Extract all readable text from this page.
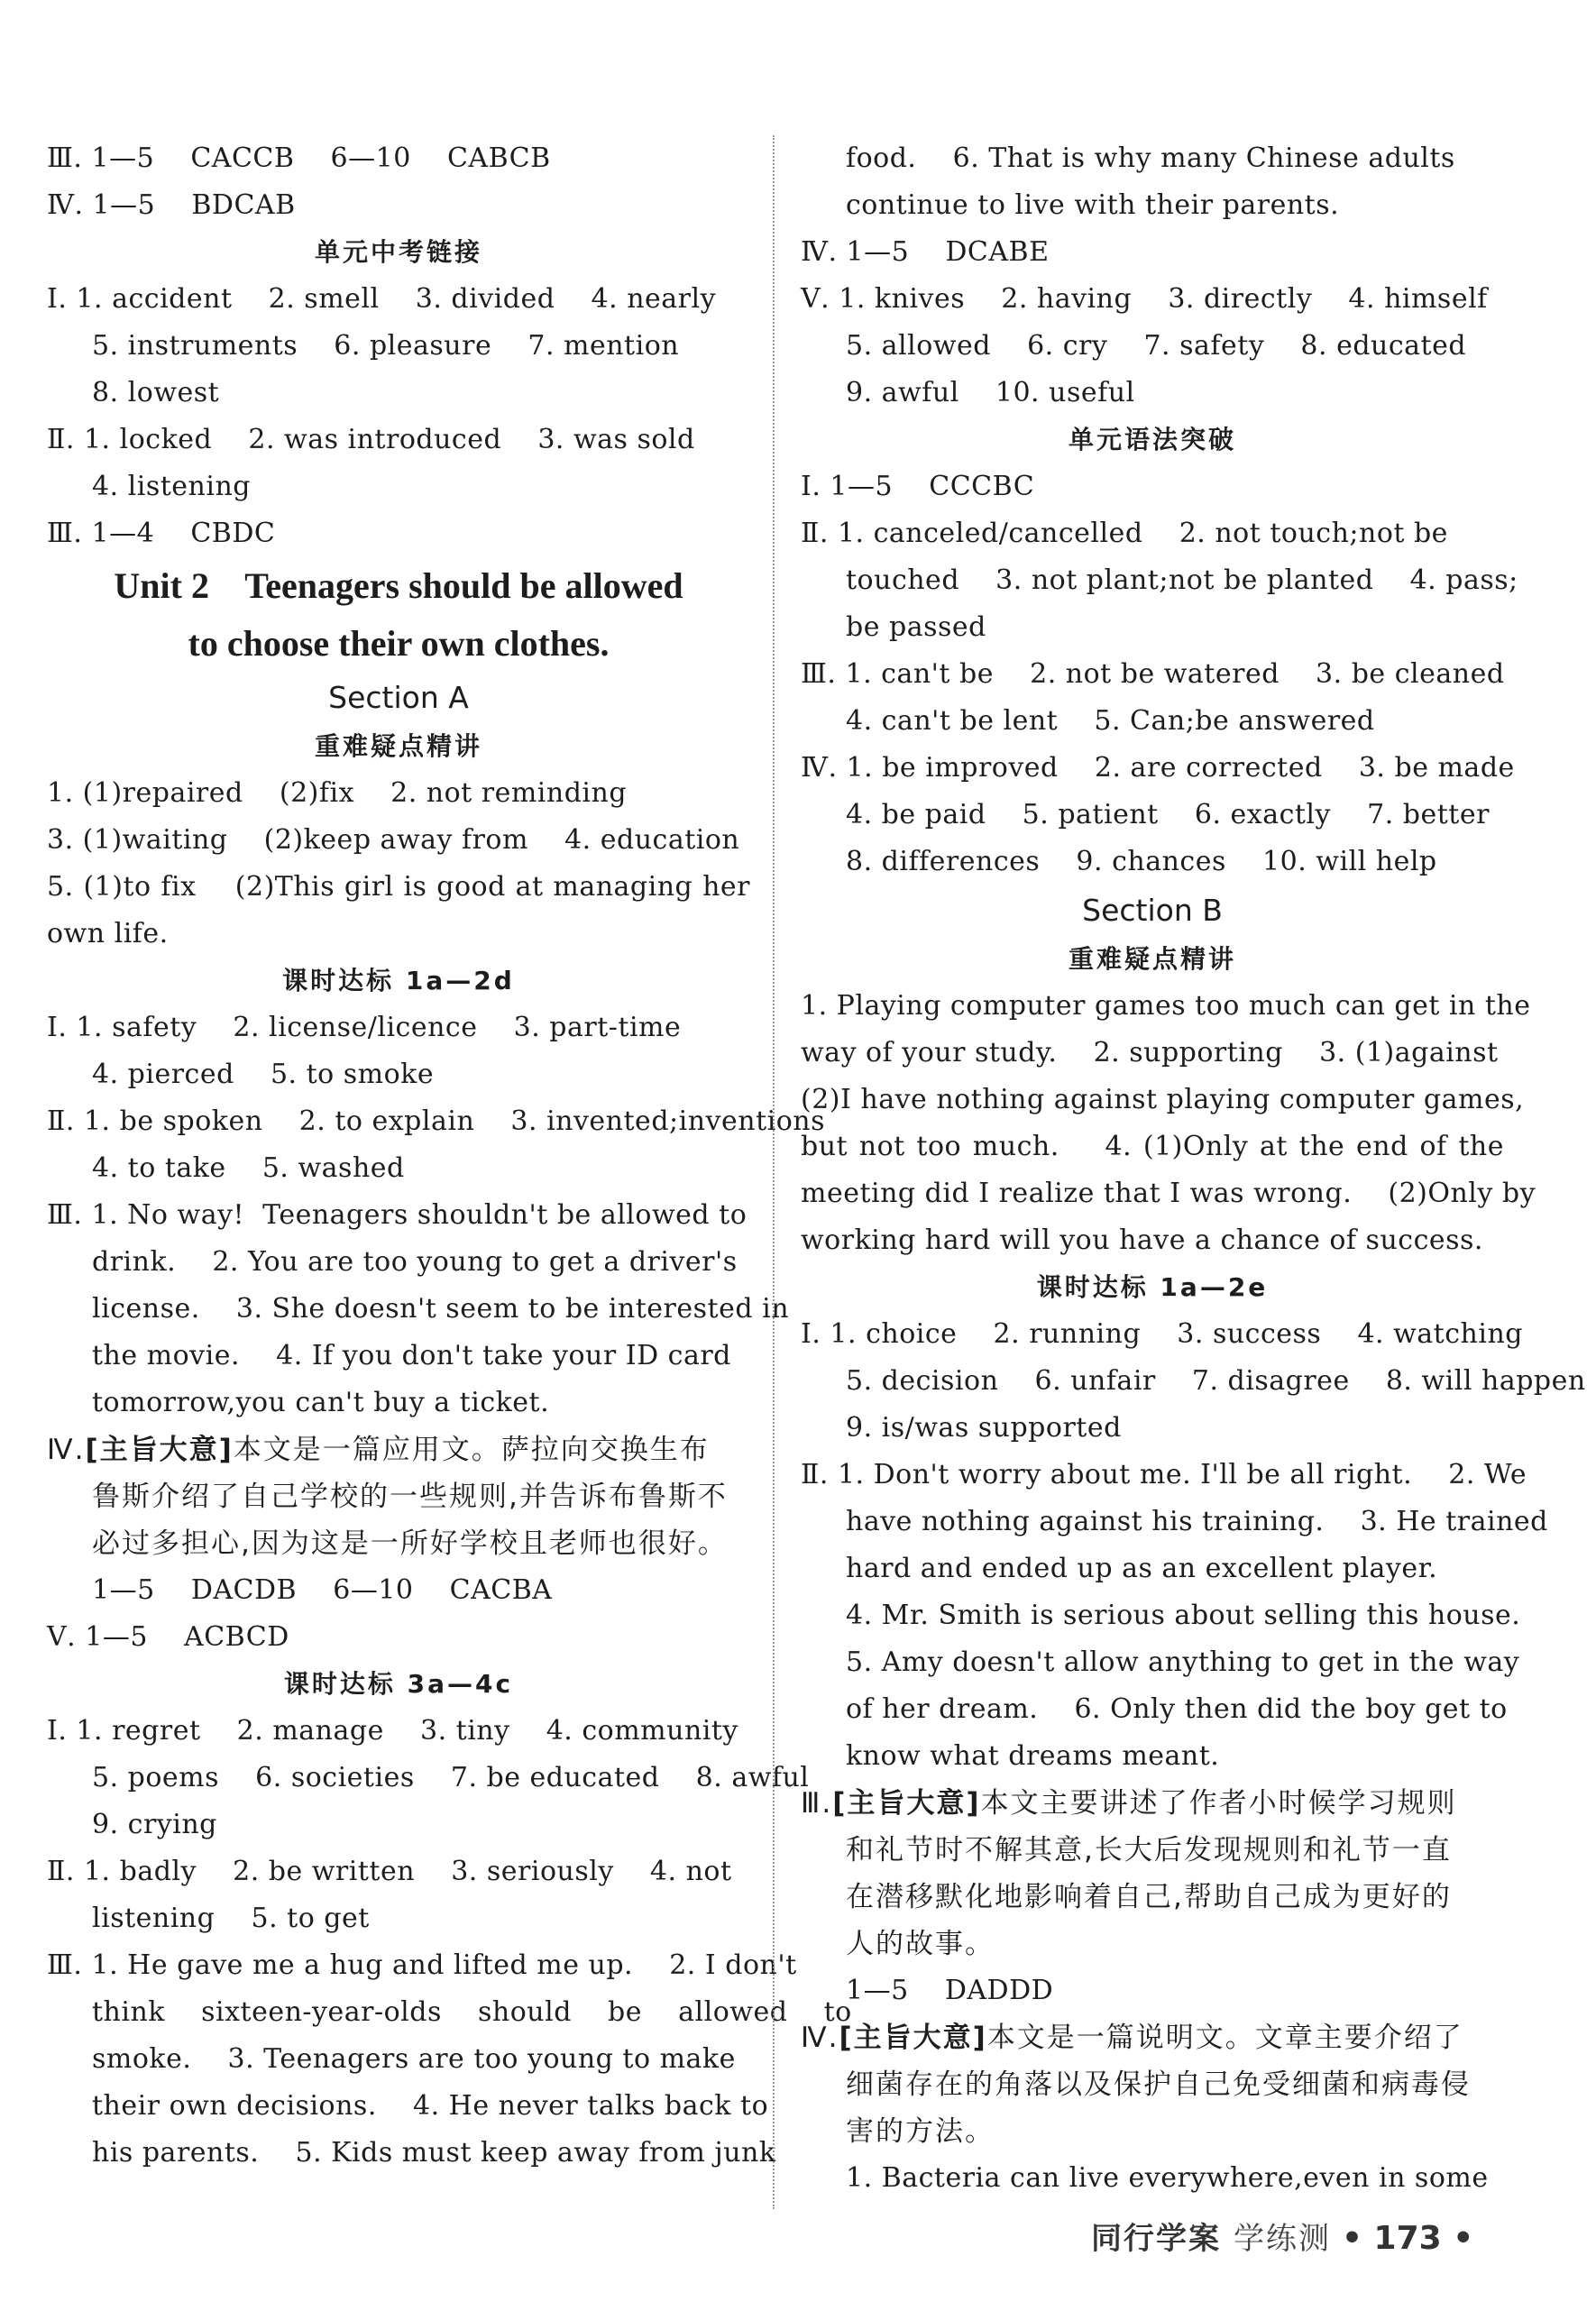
Ⅲ. 1—5    CACCB    6—10    CABCB
Ⅳ. 1—5    BDCAB
单元中考链接
Ⅰ. 1. accident    2. smell    3. divided    4. nearly
5. instruments    6. pleasure    7. mention
8. lowest
Ⅱ. 1. locked    2. was introduced    3. was sold
4. listening
Ⅲ. 1—4    CBDC
Unit 2    Teenagers should be allowed
to choose their own clothes.
Section A
重难疑点精讲
1. (1)repaired    (2)fix    2. not reminding
3. (1)waiting    (2)keep away from    4. education
5. (1)to fix    (2)This girl is good at managing her
own life.
课时达标 1a—2d
Ⅰ. 1. safety    2. license/licence    3. part-time
4. pierced    5. to smoke
Ⅱ. 1. be spoken    2. to explain    3. invented;inventions
4. to take    5. washed
Ⅲ. 1. No way!  Teenagers shouldn't be allowed to
drink.    2. You are too young to get a driver's
license.    3. She doesn't seem to be interested in
the movie.    4. If you don't take your ID card
tomorrow,you can't buy a ticket.
Ⅳ.[主旨大意]本文是一篇应用文。萨拉向交换生布
鲁斯介绍了自己学校的一些规则,并告诉布鲁斯不
必过多担心,因为这是一所好学校且老师也很好。
1—5    DACDB    6—10    CACBA
Ⅴ. 1—5    ACBCD
课时达标 3a—4c
Ⅰ. 1. regret    2. manage    3. tiny    4. community
5. poems    6. societies    7. be educated    8. awful
9. crying
Ⅱ. 1. badly    2. be written    3. seriously    4. not
listening    5. to get
Ⅲ. 1. He gave me a hug and lifted me up.    2. I don't
think    sixteen-year-olds    should    be    allowed    to
smoke.    3. Teenagers are too young to make
their own decisions.    4. He never talks back to
his parents.    5. Kids must keep away from junk
food.    6. That is why many Chinese adults
continue to live with their parents.
Ⅳ. 1—5    DCABE
Ⅴ. 1. knives    2. having    3. directly    4. himself
5. allowed    6. cry    7. safety    8. educated
9. awful    10. useful
单元语法突破
Ⅰ. 1—5    CCCBC
Ⅱ. 1. canceled/cancelled    2. not touch;not be
touched    3. not plant;not be planted    4. pass;
be passed
Ⅲ. 1. can't be    2. not be watered    3. be cleaned
4. can't be lent    5. Can;be answered
Ⅳ. 1. be improved    2. are corrected    3. be made
4. be paid    5. patient    6. exactly    7. better
8. differences    9. chances    10. will help
Section B
重难疑点精讲
1. Playing computer games too much can get in the
way of your study.    2. supporting    3. (1)against
(2)I have nothing against playing computer games,
but not too much.    4. (1)Only at the end of the
meeting did I realize that I was wrong.    (2)Only by
working hard will you have a chance of success.
课时达标 1a—2e
Ⅰ. 1. choice    2. running    3. success    4. watching
5. decision    6. unfair    7. disagree    8. will happen
9. is/was supported
Ⅱ. 1. Don't worry about me. I'll be all right.    2. We
have nothing against his training.    3. He trained
hard and ended up as an excellent player.
4. Mr. Smith is serious about selling this house.
5. Amy doesn't allow anything to get in the way
of her dream.    6. Only then did the boy get to
know what dreams meant.
Ⅲ.[主旨大意]本文主要讲述了作者小时候学习规则
和礼节时不解其意,长大后发现规则和礼节一直
在潜移默化地影响着自己,帮助自己成为更好的
人的故事。
1—5    DADDD
Ⅳ.[主旨大意]本文是一篇说明文。文章主要介绍了
细菌存在的角落以及保护自己免受细菌和病毒侵
害的方法。
1. Bacteria can live everywhere,even in some
同行学案 学练测 • 173 •
